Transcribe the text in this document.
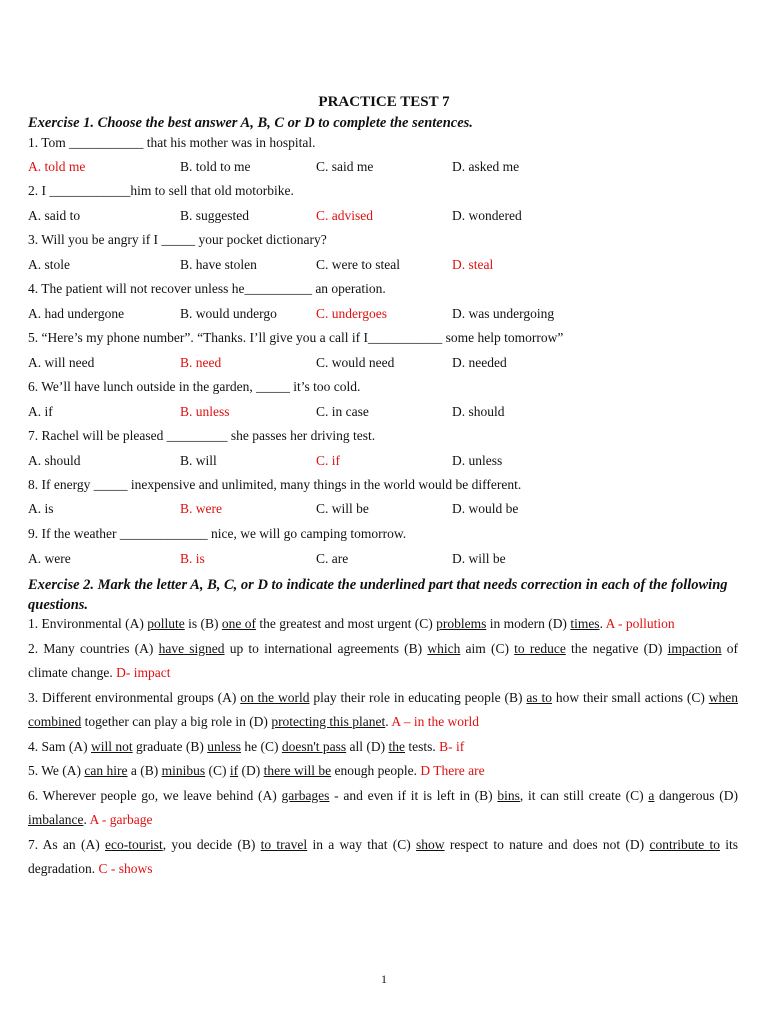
PRACTICE TEST 7
Exercise 1. Choose the best answer A, B, C or D to complete the sentences.
1. Tom ___________ that his mother was in hospital.
A. told me	B. told to me	C. said me	D. asked me
2. I ____________him to sell that old motorbike.
A. said to	B. suggested	C. advised	D. wondered
3. Will you be angry if I _____ your pocket dictionary?
A. stole	B. have stolen	C. were to steal	D. steal
4. The patient will not recover unless he__________ an operation.
A. had undergone	B. would undergo	C. undergoes	D. was undergoing
5. “Here’s my phone number”. “Thanks. I’ll give you a call if I___________ some help tomorrow”
A. will need	B. need	C. would need	D. needed
6. We’ll have lunch outside in the garden, _____ it’s too cold.
A. if	B. unless	C. in case	D. should
7. Rachel will be pleased _________ she passes her driving test.
A. should	B. will	C. if	D. unless
8. If energy _____ inexpensive and unlimited, many things in the world would be different.
A. is	B. were	C. will be	D. would be
9. If the weather _____________ nice, we will go camping tomorrow.
A. were	B. is	C. are	D. will be
Exercise 2. Mark the letter A, B, C, or D to indicate the underlined part that needs correction in each of the following questions.

1. Environmental (A) pollute is (B) one of the greatest and most urgent (C) problems in modern (D) times. A - pollution

2. Many countries (A) have signed up to international agreements (B) which aim (C) to reduce the negative (D) impaction of climate change. D- impact

3. Different environmental groups (A) on the world play their role in educating people (B) as to how their small actions (C) when combined together can play a big role in (D) protecting this planet. A – in the world

4. Sam (A) will not graduate (B) unless he (C) doesn't pass all (D) the tests. B- if

5. We (A) can hire a (B) minibus (C) if (D) there will be enough people. D There are

6. Wherever people go, we leave behind (A) garbages - and even if it is left in (B) bins, it can still create (C) a dangerous (D) imbalance. A - garbage

7. As an (A) eco-tourist, you decide (B) to travel in a way that (C) show respect to nature and does not (D) contribute to its degradation. C - shows

1
